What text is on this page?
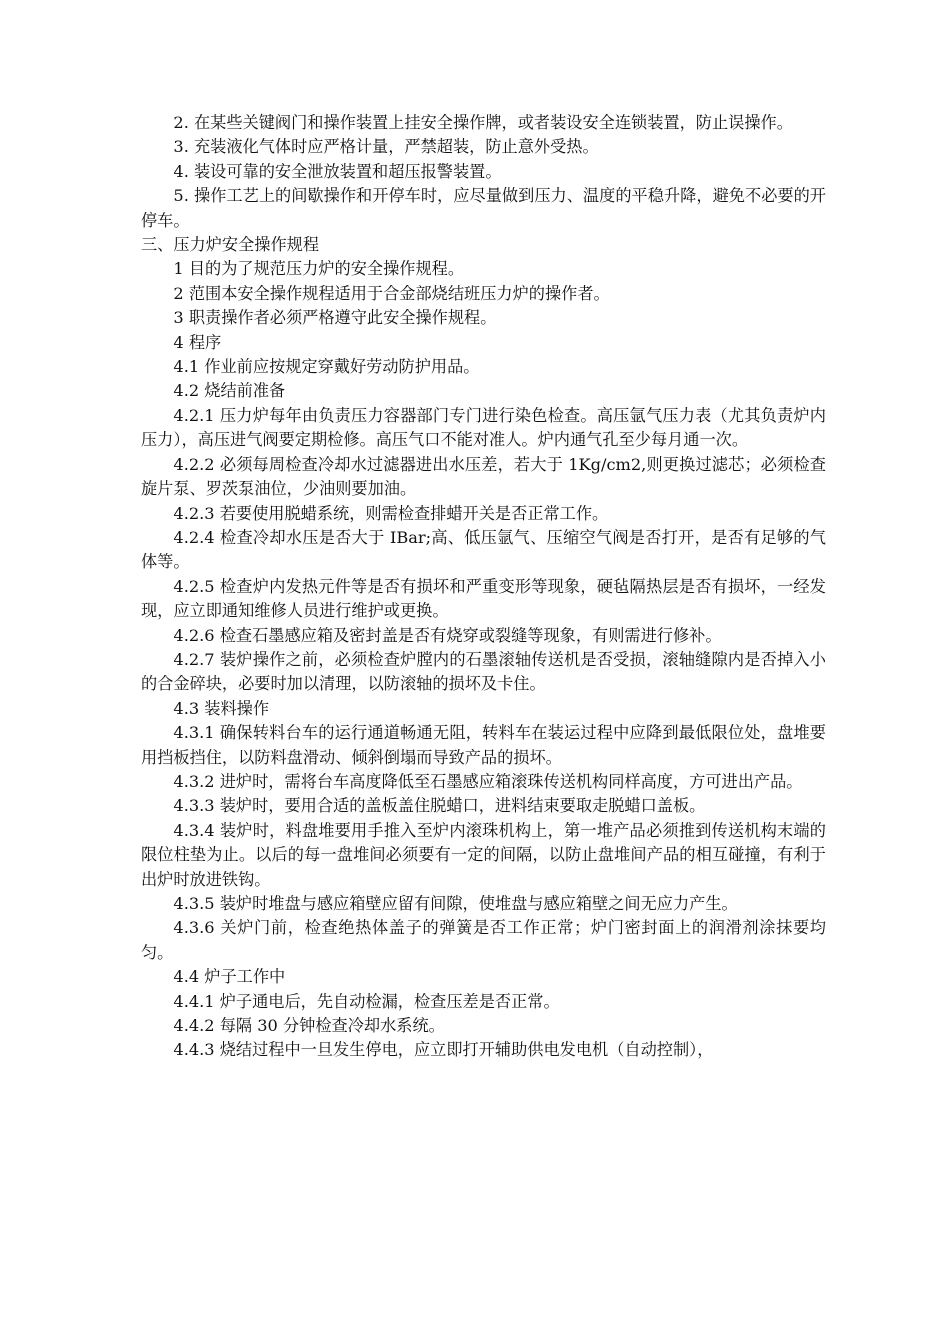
2. 在某些关键阀门和操作装置上挂安全操作牌，或者装设安全连锁装置，防止误操作。

3. 充装液化气体时应严格计量，严禁超装，防止意外受热。

4. 装设可靠的安全泄放装置和超压报警装置。

5. 操作工艺上的间歇操作和开停车时，应尽量做到压力、温度的平稳升降，避免不必要的开停车。

三、压力炉安全操作规程

1 目的为了规范压力炉的安全操作规程。

2 范围本安全操作规程适用于合金部烧结班压力炉的操作者。

3 职责操作者必须严格遵守此安全操作规程。

4 程序

4.1 作业前应按规定穿戴好劳动防护用品。

4.2 烧结前准备

4.2.1 压力炉每年由负责压力容器部门专门进行染色检查。高压氩气压力表（尤其负责炉内压力），高压进气阀要定期检修。高压气口不能对准人。炉内通气孔至少每月通一次。

4.2.2 必须每周检查冷却水过滤器进出水压差，若大于 1Kg/cm2,则更换过滤芯；必须检查旋片泵、罗茨泵油位，少油则要加油。

4.2.3 若要使用脱蜡系统，则需检查排蜡开关是否正常工作。

4.2.4 检查冷却水压是否大于 IBar;高、低压氩气、压缩空气阀是否打开，是否有足够的气体等。

4.2.5 检查炉内发热元件等是否有损坏和严重变形等现象，硬毡隔热层是否有损坏，一经发现，应立即通知维修人员进行维护或更换。

4.2.6 检查石墨感应箱及密封盖是否有烧穿或裂缝等现象，有则需进行修补。

4.2.7 装炉操作之前，必须检查炉膛内的石墨滚轴传送机是否受损，滚轴缝隙内是否掉入小的合金碎块，必要时加以清理，以防滚轴的损坏及卡住。

4.3 装料操作

4.3.1 确保转料台车的运行通道畅通无阻，转料车在装运过程中应降到最低限位处，盘堆要用挡板挡住，以防料盘滑动、倾斜倒塌而导致产品的损坏。

4.3.2 进炉时，需将台车高度降低至石墨感应箱滚珠传送机构同样高度，方可进出产品。

4.3.3 装炉时，要用合适的盖板盖住脱蜡口，进料结束要取走脱蜡口盖板。

4.3.4 装炉时，料盘堆要用手推入至炉内滚珠机构上，第一堆产品必须推到传送机构末端的限位柱垫为止。以后的每一盘堆间必须要有一定的间隔，以防止盘堆间产品的相互碰撞，有利于出炉时放进铁钩。

4.3.5 装炉时堆盘与感应箱壁应留有间隙，使堆盘与感应箱壁之间无应力产生。

4.3.6 关炉门前，检查绝热体盖子的弹簧是否工作正常；炉门密封面上的润滑剂涂抹要均匀。

4.4 炉子工作中

4.4.1 炉子通电后，先自动检漏，检查压差是否正常。

4.4.2 每隔 30 分钟检查冷却水系统。

4.4.3 烧结过程中一旦发生停电，应立即打开辅助供电发电机（自动控制），
